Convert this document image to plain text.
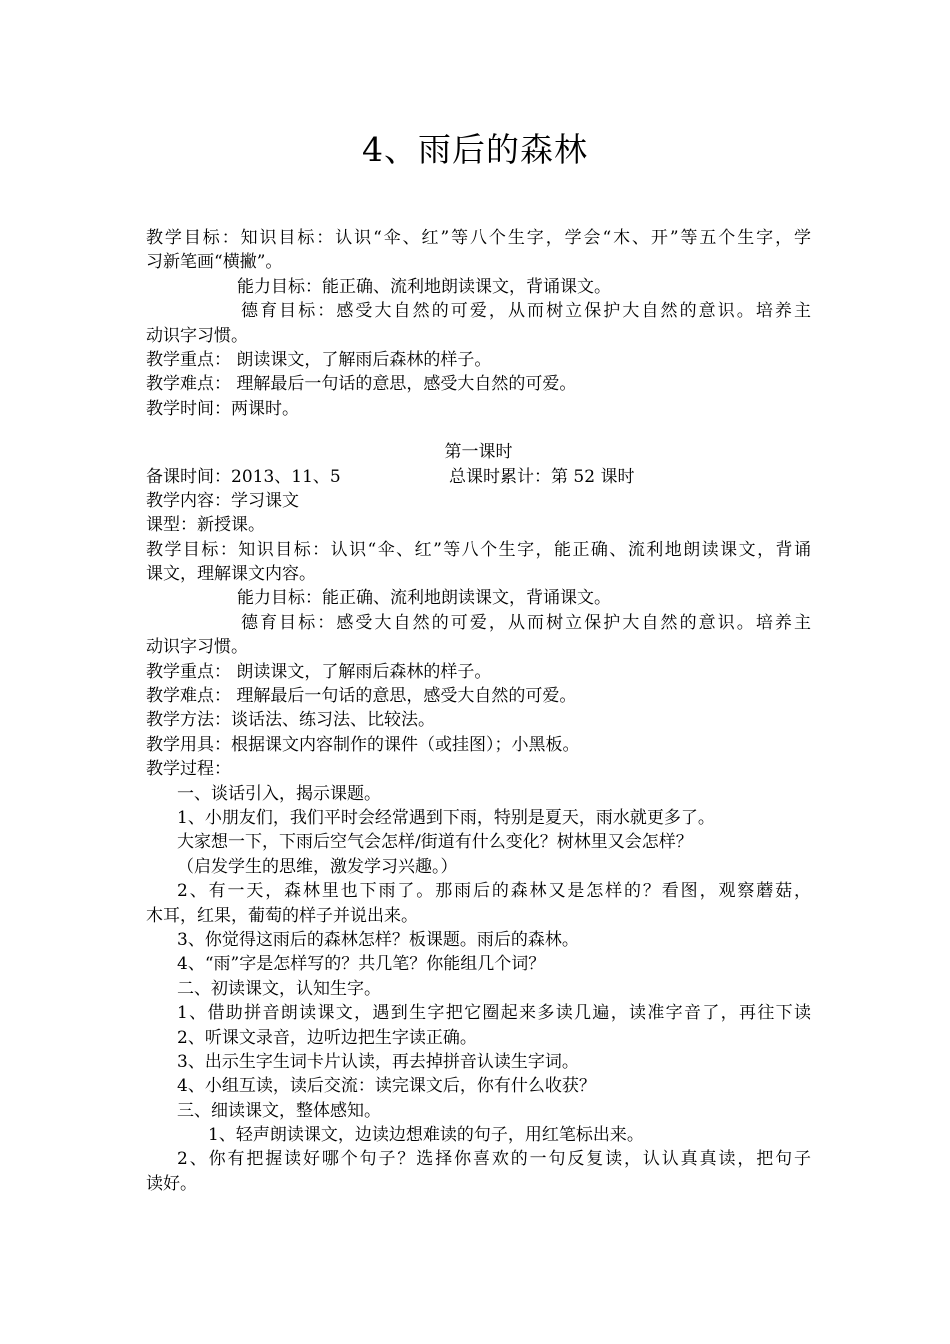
4、雨后的森林
教学目标：知识目标：认识“伞、红”等八个生字，学会“木、开”等五个生字，学
习新笔画“横撇”。
能力目标：能正确、流利地朗读课文，背诵课文。
德育目标：感受大自然的可爱，从而树立保护大自然的意识。培养主
动识字习惯。
教学重点： 朗读课文，了解雨后森林的样子。
教学难点： 理解最后一句话的意思，感受大自然的可爱。
教学时间：两课时。
第一课时
备课时间：2013、11、5	总课时累计：第 52 课时
教学内容：学习课文
课型：新授课。
教学目标：知识目标：认识“伞、红”等八个生字，能正确、流利地朗读课文，背诵
课文，理解课文内容。
能力目标：能正确、流利地朗读课文，背诵课文。
德育目标：感受大自然的可爱，从而树立保护大自然的意识。培养主
动识字习惯。
教学重点： 朗读课文，了解雨后森林的样子。
教学难点： 理解最后一句话的意思，感受大自然的可爱。
教学方法：谈话法、练习法、比较法。
教学用具：根据课文内容制作的课件（或挂图）；小黑板。
教学过程：
一、谈话引入，揭示课题。
1、小朋友们，我们平时会经常遇到下雨，特别是夏天，雨水就更多了。
大家想一下，下雨后空气会怎样/街道有什么变化？树林里又会怎样？
（启发学生的思维，激发学习兴趣。）
2、有一天，森林里也下雨了。那雨后的森林又是怎样的？看图，观察蘑菇，
木耳，红果，葡萄的样子并说出来。
3、你觉得这雨后的森林怎样？板课题。雨后的森林。
4、“雨”字是怎样写的？共几笔？你能组几个词？
二、初读课文，认知生字。
1、借助拼音朗读课文，遇到生字把它圈起来多读几遍，读准字音了，再往下读
2、听课文录音，边听边把生字读正确。
3、出示生字生词卡片认读，再去掉拼音认读生字词。
4、小组互读，读后交流：读完课文后，你有什么收获？
三、细读课文，整体感知。
1、轻声朗读课文，边读边想难读的句子，用红笔标出来。
2、你有把握读好哪个句子？选择你喜欢的一句反复读，认认真真读，把句子
读好。
